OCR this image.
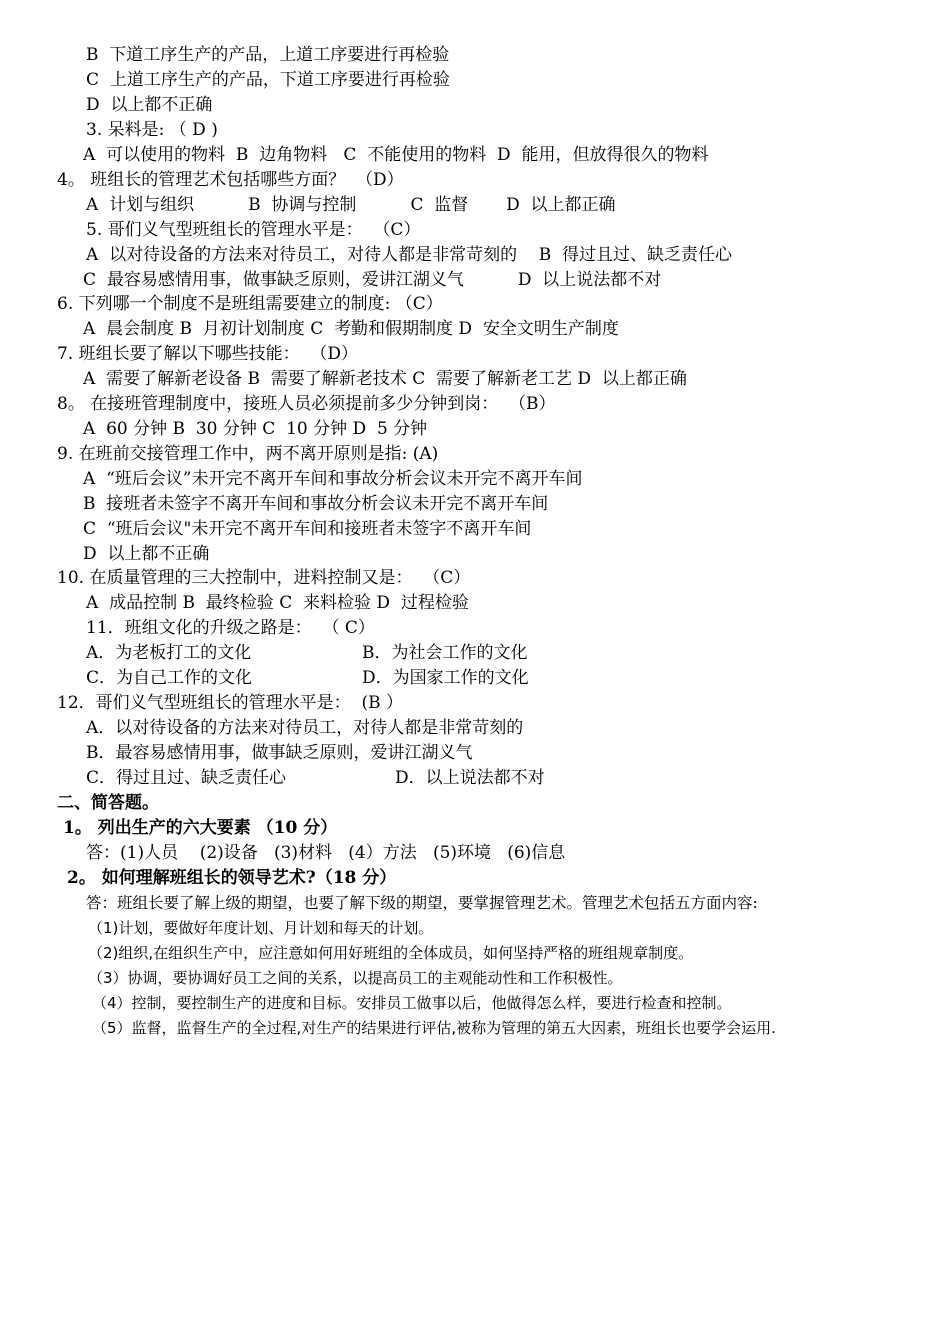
B  下道工序生产的产品，上道工序要进行再检验
C  上道工序生产的产品，下道工序要进行再检验
D  以上都不正确
3. 呆料是: （ D )
A  可以使用的物料  B  边角物料   C  不能使用的物料  D  能用，但放得很久的物料
4。 班组长的管理艺术包括哪些方面？  （D）
A  计划与组织          B  协调与控制          C  监督       D  以上都正确
5. 哥们义气型班组长的管理水平是：  （C）
A  以对待设备的方法来对待员工，对待人都是非常苛刻的    B  得过且过、缺乏责任心
C  最容易感情用事，做事缺乏原则，爱讲江湖义气          D  以上说法都不对
6. 下列哪一个制度不是班组需要建立的制度: （C）
A  晨会制度 B  月初计划制度 C  考勤和假期制度 D  安全文明生产制度
7. 班组长要了解以下哪些技能：  （D）
A  需要了解新老设备 B  需要了解新老技术 C  需要了解新老工艺 D  以上都正确
8。 在接班管理制度中，接班人员必须提前多少分钟到岗：  （B）
A  60 分钟 B  30 分钟 C  10 分钟 D  5 分钟
9. 在班前交接管理工作中，两不离开原则是指: (A)
A  “班后会议”未开完不离开车间和事故分析会议未开完不离开车间
B  接班者未签字不离开车间和事故分析会议未开完不离开车间
C  “班后会议"未开完不离开车间和接班者未签字不离开车间
D  以上都不正确
10. 在质量管理的三大控制中，进料控制又是：  （C）
A  成品控制 B  最终检验 C  来料检验 D  过程检验
11．班组文化的升级之路是：  （ C）
A．为老板打工的文化	B．为社会工作的文化
C．为自己工作的文化	D．为国家工作的文化
12．哥们义气型班组长的管理水平是：  (B ）
A．以对待设备的方法来对待员工，对待人都是非常苛刻的
B．最容易感情用事，做事缺乏原则，爱讲江湖义气
C．得过且过、缺乏责任心	D．以上说法都不对
二、简答题。
1。 列出生产的六大要素 （10 分）
答：(1)人员    (2)设备   (3)材料   (4）方法   (5)环境   (6)信息
2。 如何理解班组长的领导艺术?（18 分）
答：班组长要了解上级的期望，也要了解下级的期望，要掌握管理艺术。管理艺术包括五方面内容:
（1)计划，要做好年度计划、月计划和每天的计划。
（2)组织,在组织生产中，应注意如何用好班组的全体成员，如何坚持严格的班组规章制度。
（3）协调，要协调好员工之间的关系，以提高员工的主观能动性和工作积极性。
（4）控制，要控制生产的进度和目标。安排员工做事以后，他做得怎么样，要进行检查和控制。
（5）监督，监督生产的全过程,对生产的结果进行评估,被称为管理的第五大因素，班组长也要学会运用.
